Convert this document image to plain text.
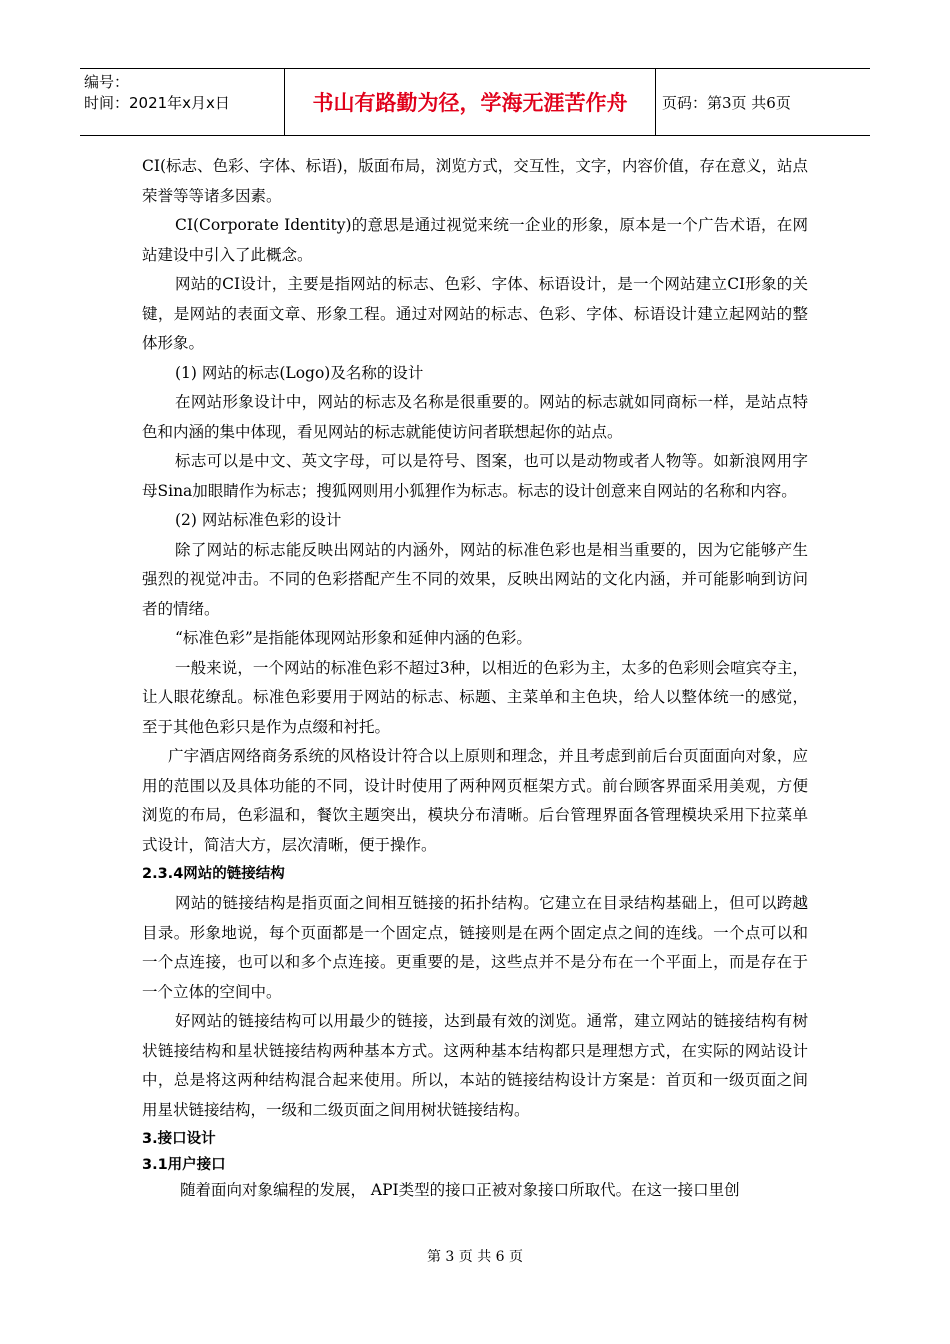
编号：
时间：2021年x月x日	书山有路勤为径，学海无涯苦作舟	页码：第3页 共6页

CI(标志、色彩、字体、标语)，版面布局，浏览方式，交互性，文字，内容价值，存在意义，站点荣誉等等诸多因素。

CI(Corporate Identity)的意思是通过视觉来统一企业的形象，原本是一个广告术语，在网站建设中引入了此概念。

网站的CI设计，主要是指网站的标志、色彩、字体、标语设计，是一个网站建立CI形象的关键，是网站的表面文章、形象工程。通过对网站的标志、色彩、字体、标语设计建立起网站的整体形象。

(1) 网站的标志(Logo)及名称的设计

在网站形象设计中，网站的标志及名称是很重要的。网站的标志就如同商标一样，是站点特色和内涵的集中体现，看见网站的标志就能使访问者联想起你的站点。

标志可以是中文、英文字母，可以是符号、图案，也可以是动物或者人物等。如新浪网用字母Sina加眼睛作为标志；搜狐网则用小狐狸作为标志。标志的设计创意来自网站的名称和内容。

(2) 网站标准色彩的设计

除了网站的标志能反映出网站的内涵外，网站的标准色彩也是相当重要的，因为它能够产生强烈的视觉冲击。不同的色彩搭配产生不同的效果，反映出网站的文化内涵，并可能影响到访问者的情绪。

“标准色彩”是指能体现网站形象和延伸内涵的色彩。

一般来说，一个网站的标准色彩不超过3种，以相近的色彩为主，太多的色彩则会喧宾夺主，让人眼花缭乱。标准色彩要用于网站的标志、标题、主菜单和主色块，给人以整体统一的感觉，至于其他色彩只是作为点缀和衬托。

广宇酒店网络商务系统的风格设计符合以上原则和理念，并且考虑到前后台页面面向对象，应用的范围以及具体功能的不同，设计时使用了两种网页框架方式。前台顾客界面采用美观，方便浏览的布局，色彩温和，餐饮主题突出，模块分布清晰。后台管理界面各管理模块采用下拉菜单式设计，简洁大方，层次清晰，便于操作。

2.3.4网站的链接结构

网站的链接结构是指页面之间相互链接的拓扑结构。它建立在目录结构基础上，但可以跨越目录。形象地说，每个页面都是一个固定点，链接则是在两个固定点之间的连线。一个点可以和一个点连接，也可以和多个点连接。更重要的是，这些点并不是分布在一个平面上，而是存在于一个立体的空间中。

好网站的链接结构可以用最少的链接，达到最有效的浏览。通常，建立网站的链接结构有树状链接结构和星状链接结构两种基本方式。这两种基本结构都只是理想方式，在实际的网站设计中，总是将这两种结构混合起来使用。所以，本站的链接结构设计方案是：首页和一级页面之间用星状链接结构，一级和二级页面之间用树状链接结构。

3.接口设计

3.1用户接口

随着面向对象编程的发展， API类型的接口正被对象接口所取代。在这一接口里创

第 3 页 共 6 页
